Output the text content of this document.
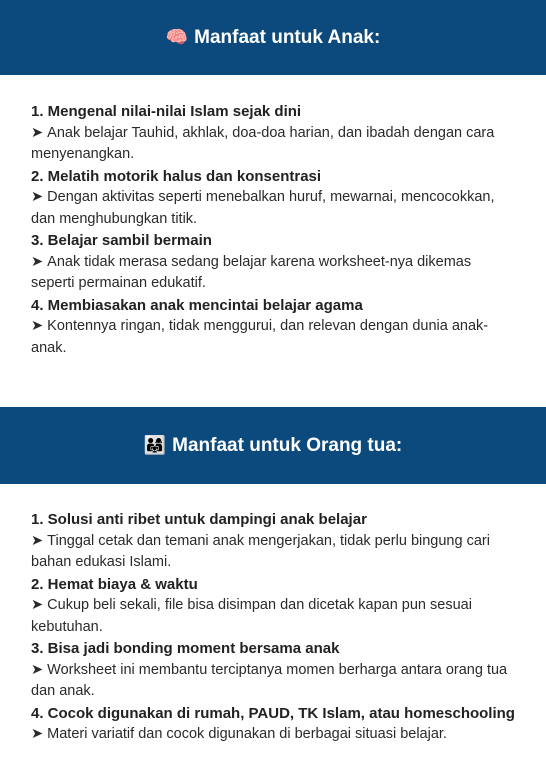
🧠 Manfaat untuk Anak:
1. Mengenal nilai-nilai Islam sejak dini
➤ Anak belajar Tauhid, akhlak, doa-doa harian, dan ibadah dengan cara menyenangkan.
2. Melatih motorik halus dan konsentrasi
➤ Dengan aktivitas seperti menebalkan huruf, mewarnai, mencocokkan, dan menghubungkan titik.
3. Belajar sambil bermain
➤ Anak tidak merasa sedang belajar karena worksheet-nya dikemas seperti permainan edukatif.
4. Membiasakan anak mencintai belajar agama
➤ Kontennya ringan, tidak menggurui, dan relevan dengan dunia anak-anak.
👨‍👩‍👧 Manfaat untuk Orang tua:
1. Solusi anti ribet untuk dampingi anak belajar
➤ Tinggal cetak dan temani anak mengerjakan, tidak perlu bingung cari bahan edukasi Islami.
2. Hemat biaya & waktu
➤ Cukup beli sekali, file bisa disimpan dan dicetak kapan pun sesuai kebutuhan.
3. Bisa jadi bonding moment bersama anak
➤ Worksheet ini membantu terciptanya momen berharga antara orang tua dan anak.
4. Cocok digunakan di rumah, PAUD, TK Islam, atau homeschooling
➤ Materi variatif dan cocok digunakan di berbagai situasi belajar.
